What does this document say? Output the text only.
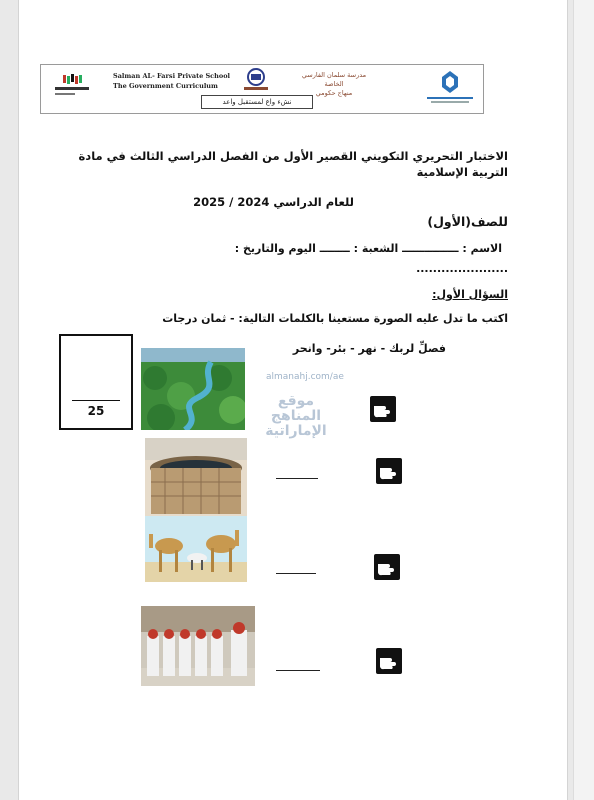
Salman AL- Farsi Private School
The Government Curriculum
مدرسة سلمان الفارسي الخاصة
منهاج حكومي
نشء واع لمستقبل واعد
الاختبار التحريري التكويني القصير الأول من الفصل الدراسي الثالث في مادة التربية الإسلامية
للعام الدراسي 2024 / 2025
للصف(الأول)
الاسم : ـــــــــــــــ الشعبة : ــــــــ اليوم والتاريخ :
......................
السؤال الأول:
اكتب ما تدل عليه الصورة مستعينا بالكلمات التالية: - ثمان درجات
فصلِّ لربك - نهر - بئر- وانحر
25
almanahj.com/ae
موقع المناهج الإماراتية
